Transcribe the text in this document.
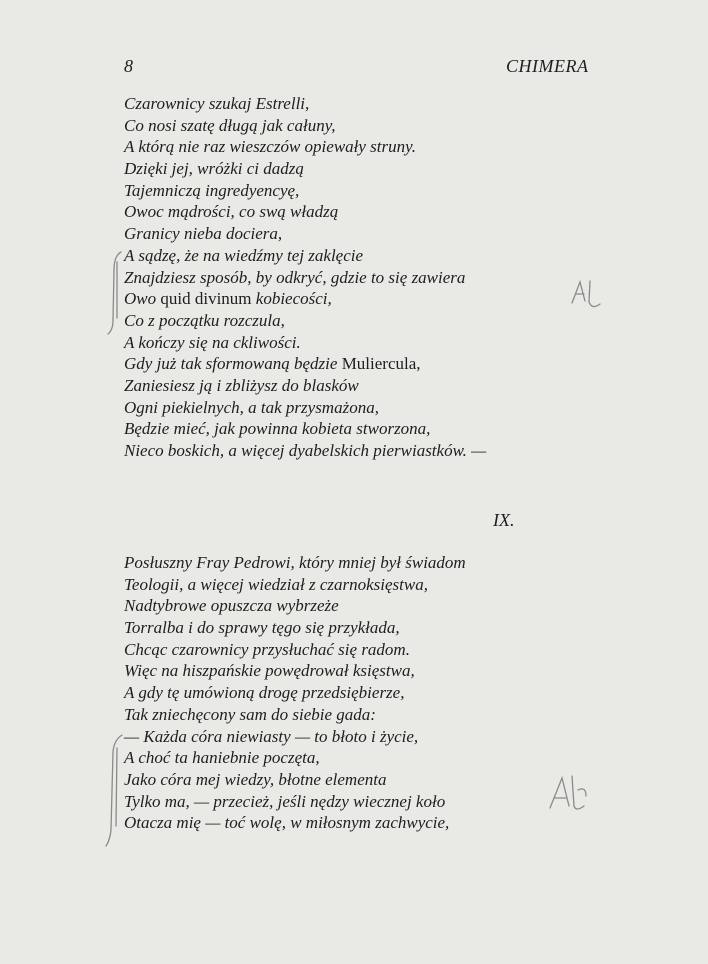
8	CHIMERA
Czarownicy szukaj Estrelli,
Co nosi szatę długą jak całuny,
A którą nie raz wieszczów opiewały struny.
Dzięki jej, wróżki ci dadzą
Tajemniczą ingredyencyę,
Owoc mądrości, co swą władzą
Granicy nieba dociera,
A sądzę, że na wiedźmy tej zaklęcie
Znajdziesz sposób, by odkryć, gdzie to się zawiera
Owo quid divinum kobiecości,
Co z początku rozczula,
A kończy się na ckliwości.
Gdy już tak sformowaną będzie Muliercula,
Zaniesiesz ją i zbliżysz do blasków
Ogni piekielnych, a tak przysmażona,
Będzie mieć, jak powinna kobieta stworzona,
Nieco boskich, a więcej dyabelskich pierwiastków. —
IX.
Posłuszny Fray Pedrowi, który mniej był świadom
Teologii, a więcej wiedział z czarnoksięstwa,
Nadtybrowe opuszcza wybrzeże
Torralba i do sprawy tęgo się przykłada,
Chcąc czarownicy przysłuchać się radom.
Więc na hiszpańskie powędrował księstwa,
A gdy tę umówioną drogę przedsiębierze,
Tak zniechęcony sam do siebie gada:
— Każda córa niewiasty — to błoto i życie,
A choć ta haniebnie poczęta,
Jako córa mej wiedzy, błotne elementa
Tylko ma, — przecież, jeśli nędzy wiecznej koło
Otacza mię — toć wolę, w miłosnym zachwycie,
